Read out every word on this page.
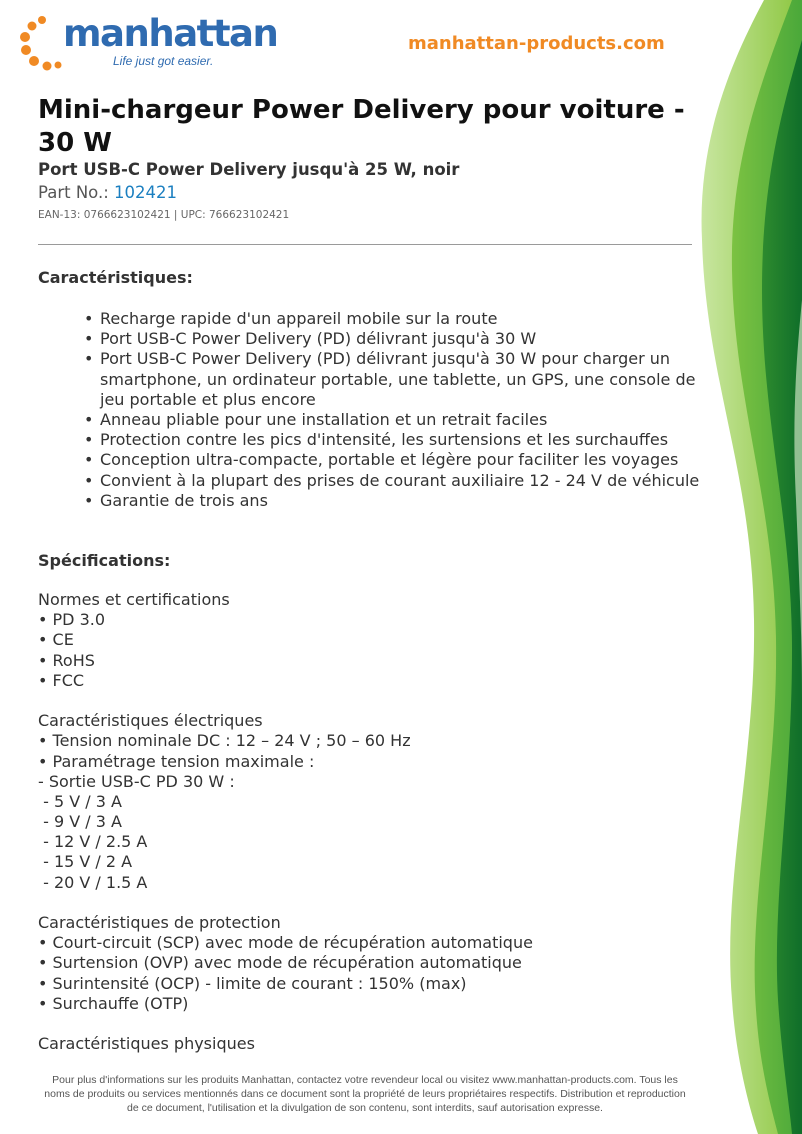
manhattan
Life just got easier.
manhattan-products.com
Mini-chargeur Power Delivery pour voiture - 30 W
Port USB-C Power Delivery jusqu'à 25 W, noir
Part No.: 102421
EAN-13: 0766623102421 | UPC: 766623102421
Caractéristiques:
• Recharge rapide d'un appareil mobile sur la route
• Port USB-C Power Delivery (PD) délivrant jusqu'à 30 W
• Port USB-C Power Delivery (PD) délivrant jusqu'à 30 W pour charger un smartphone, un ordinateur portable, une tablette, un GPS, une console de jeu portable et plus encore
• Anneau pliable pour une installation et un retrait faciles
• Protection contre les pics d'intensité, les surtensions et les surchauffes
• Conception ultra-compacte, portable et légère pour faciliter les voyages
• Convient à la plupart des prises de courant auxiliaire 12 - 24 V de véhicule
• Garantie de trois ans
Spécifications:
Normes et certifications
• PD 3.0
• CE
• RoHS
• FCC
Caractéristiques électriques
• Tension nominale DC : 12 – 24 V ; 50 – 60 Hz
• Paramétrage tension maximale :
- Sortie USB-C PD 30 W :
- 5 V / 3 A
- 9 V / 3 A
- 12 V / 2.5 A
- 15 V / 2 A
- 20 V / 1.5 A
Caractéristiques de protection
• Court-circuit (SCP) avec mode de récupération automatique
• Surtension (OVP) avec mode de récupération automatique
• Surintensité (OCP) - limite de courant : 150% (max)
• Surchauffe (OTP)
Caractéristiques physiques
Pour plus d'informations sur les produits Manhattan, contactez votre revendeur local ou visitez www.manhattan-products.com. Tous les noms de produits ou services mentionnés dans ce document sont la propriété de leurs propriétaires respectifs. Distribution et reproduction de ce document, l'utilisation et la divulgation de son contenu, sont interdits, sauf autorisation expresse.
